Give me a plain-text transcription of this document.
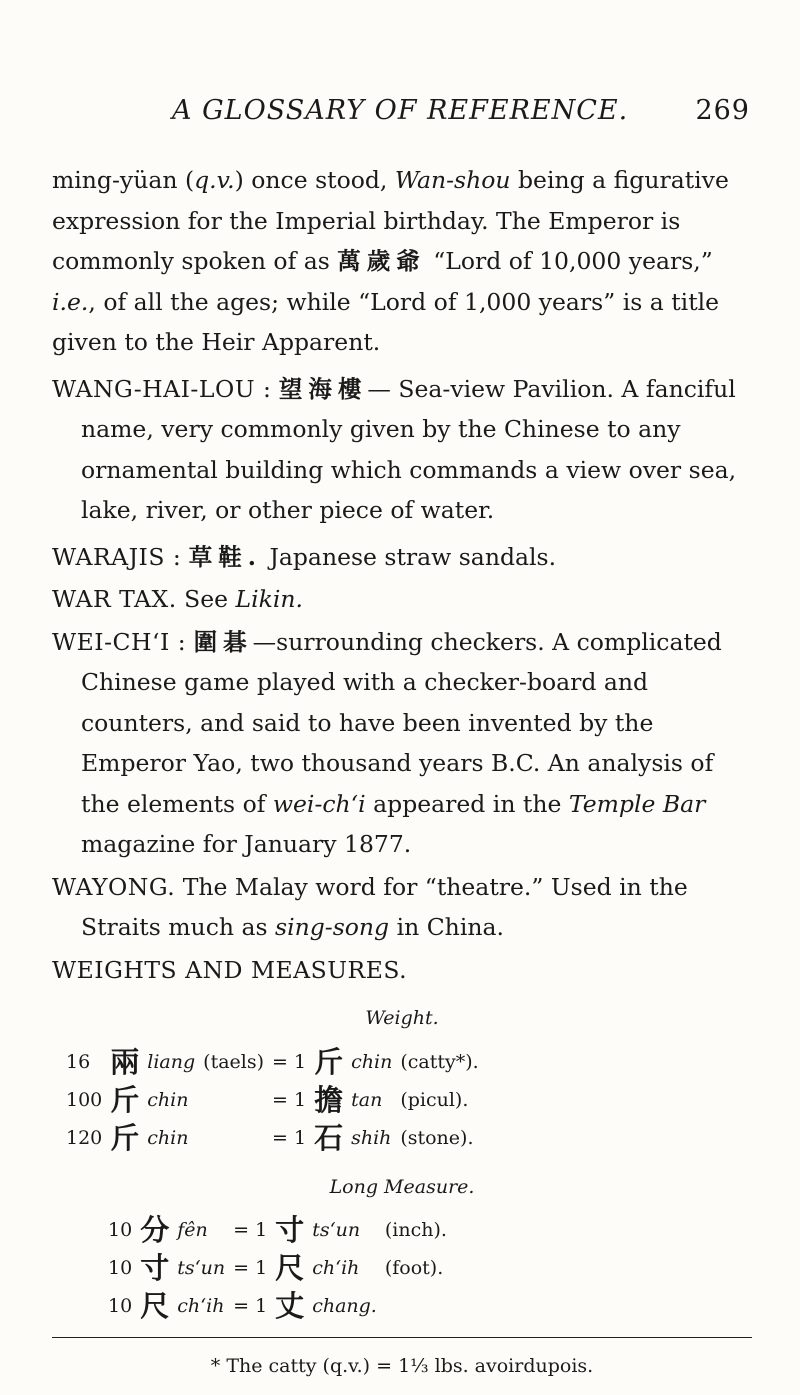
A GLOSSARY OF REFERENCE. 269

ming-yüan (q.v.) once stood, Wan-shou being a figurative expression for the Imperial birthday. The Emperor is commonly spoken of as 萬歲爺 “Lord of 10,000 years,” i.e., of all the ages; while “Lord of 1,000 years” is a title given to the Heir Apparent.

WANG-HAI-LOU : 望海樓— Sea-view Pavilion. A fanciful name, very commonly given by the Chinese to any ornamental building which commands a view over sea, lake, river, or other piece of water.

WARAJIS : 草鞋. Japanese straw sandals.

WAR TAX. See Likin.

WEI-CH‘I : 圍碁—surrounding checkers. A complicated Chinese game played with a checker-board and counters, and said to have been invented by the Emperor Yao, two thousand years B.C. An analysis of the elements of wei-ch‘i appeared in the Temple Bar magazine for January 1877.

WAYONG. The Malay word for “theatre.” Used in the Straits much as sing-song in China.

WEIGHTS AND MEASURES.

Weight.
16	兩	liang	(taels)	= 1	斤	chin	(catty*).
100	斤	chin		= 1	擔	tan	(picul).
120	斤	chin		= 1	石	shih	(stone).
Long Measure.
10	分	fên	= 1	寸	ts‘un	(inch).
10	寸	ts‘un	= 1	尺	ch‘ih	(foot).
10	尺	ch‘ih	= 1	丈	chang.	
* The catty (q.v.) = 1⅓ lbs. avoirdupois.
